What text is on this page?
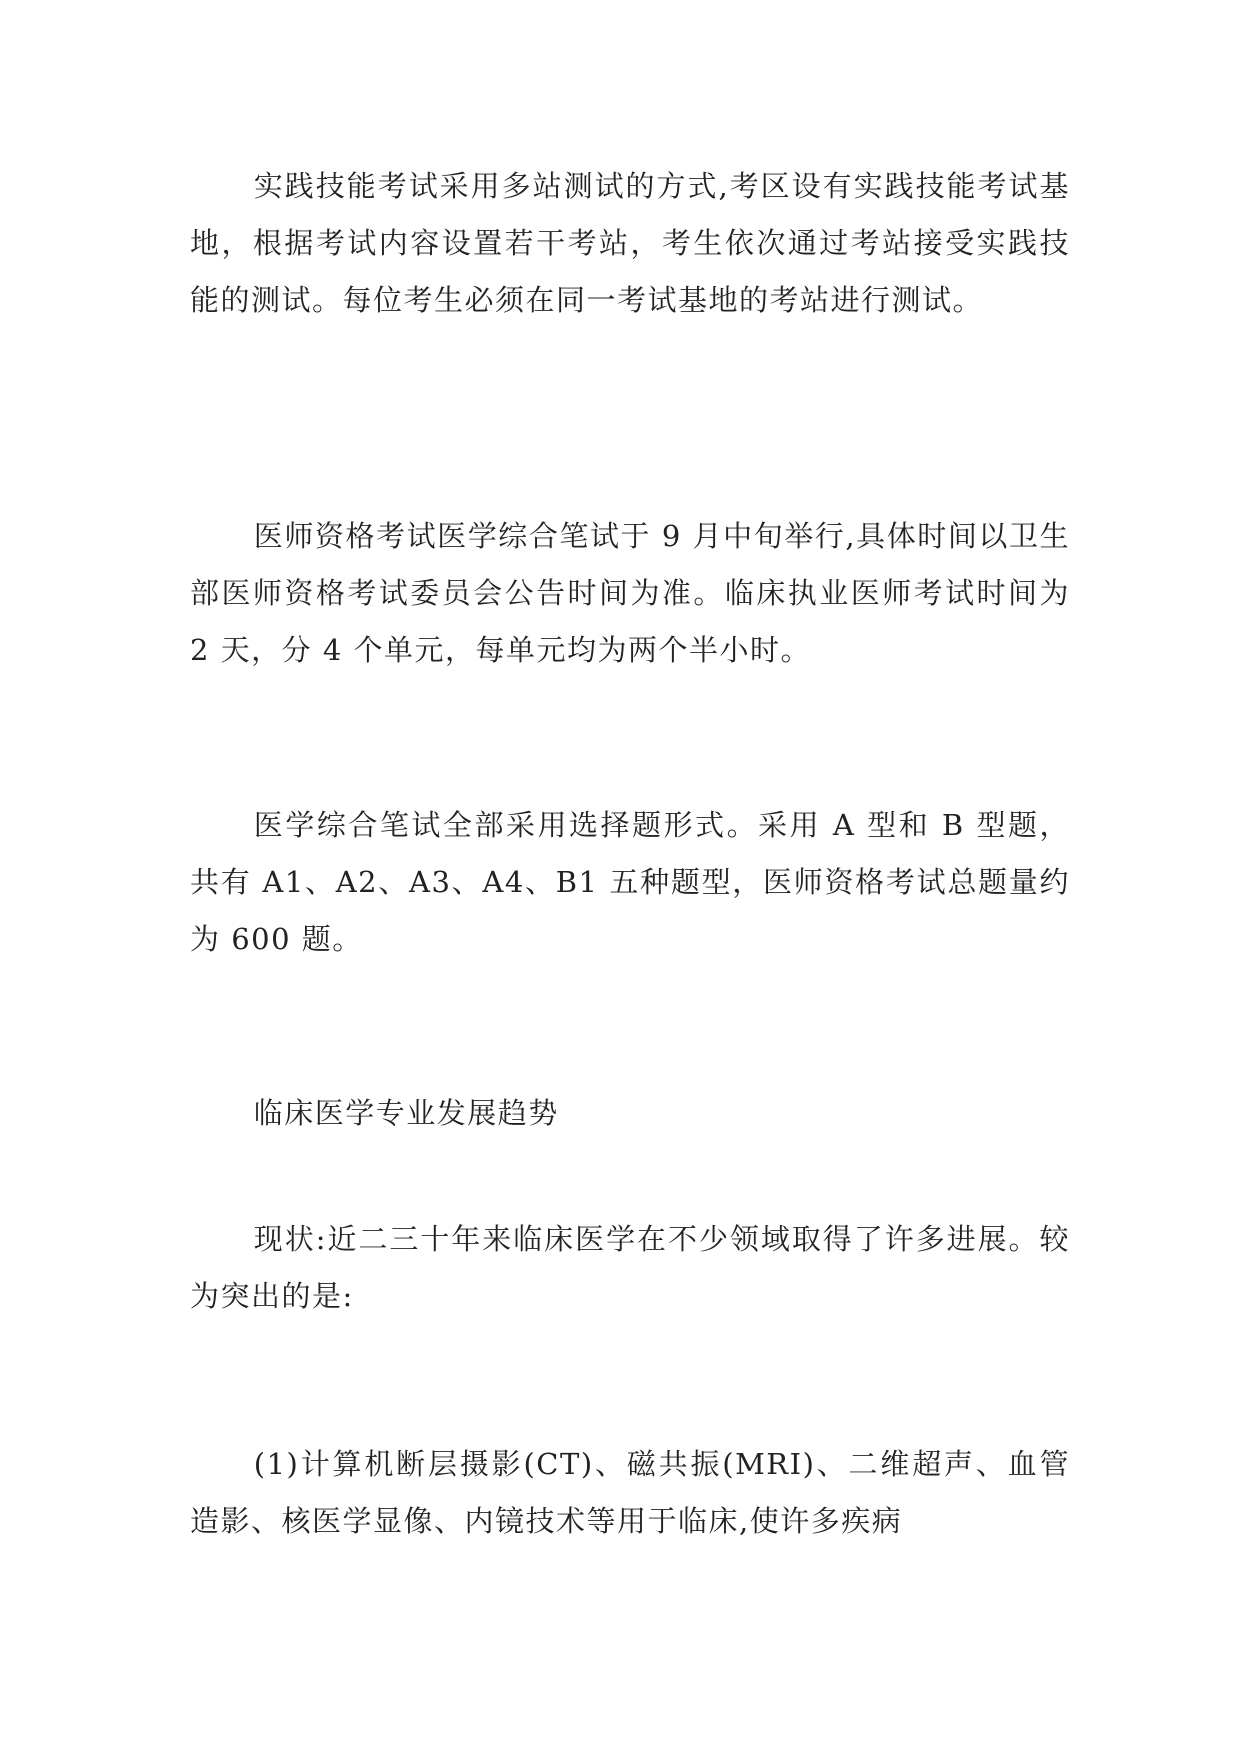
实践技能考试采用多站测试的方式,考区设有实践技能考试基地，根据考试内容设置若干考站，考生依次通过考站接受实践技能的测试。每位考生必须在同一考试基地的考站进行测试。

医师资格考试医学综合笔试于 9 月中旬举行,具体时间以卫生部医师资格考试委员会公告时间为准。临床执业医师考试时间为 2 天，分 4 个单元，每单元均为两个半小时。

医学综合笔试全部采用选择题形式。采用 A 型和 B 型题，共有 A1、A2、A3、A4、B1 五种题型，医师资格考试总题量约为 600 题。

临床医学专业发展趋势

现状:近二三十年来临床医学在不少领域取得了许多进展。较为突出的是:

(1)计算机断层摄影(CT)、磁共振(MRI)、二维超声、血管造影、核医学显像、内镜技术等用于临床,使许多疾病
